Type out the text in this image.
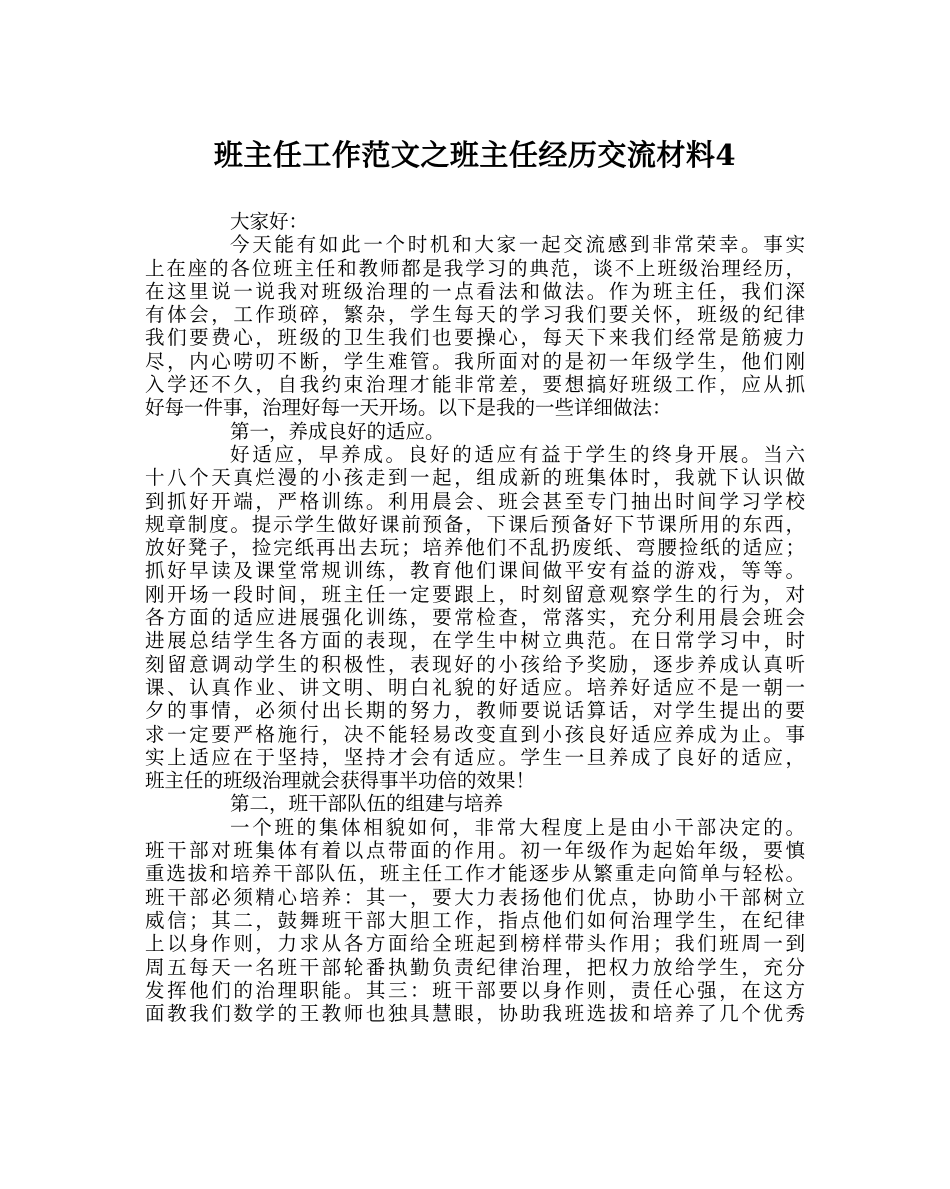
班主任工作范文之班主任经历交流材料4
大家好：
今天能有如此一个时机和大家一起交流感到非常荣幸。事实
上在座的各位班主任和教师都是我学习的典范，谈不上班级治理经历，
在这里说一说我对班级治理的一点看法和做法。作为班主任，我们深
有体会，工作琐碎，繁杂，学生每天的学习我们要关怀，班级的纪律
我们要费心，班级的卫生我们也要操心，每天下来我们经常是筋疲力
尽，内心唠叨不断，学生难管。我所面对的是初一年级学生，他们刚
入学还不久，自我约束治理才能非常差，要想搞好班级工作，应从抓
好每一件事，治理好每一天开场。以下是我的一些详细做法：
第一，养成良好的适应。
好适应，早养成。良好的适应有益于学生的终身开展。当六
十八个天真烂漫的小孩走到一起，组成新的班集体时，我就下认识做
到抓好开端，严格训练。利用晨会、班会甚至专门抽出时间学习学校
规章制度。提示学生做好课前预备，下课后预备好下节课所用的东西，
放好凳子，捡完纸再出去玩；培养他们不乱扔废纸、弯腰捡纸的适应；
抓好早读及课堂常规训练，教育他们课间做平安有益的游戏，等等。
刚开场一段时间，班主任一定要跟上，时刻留意观察学生的行为，对
各方面的适应进展强化训练，要常检查，常落实，充分利用晨会班会
进展总结学生各方面的表现，在学生中树立典范。在日常学习中，时
刻留意调动学生的积极性，表现好的小孩给予奖励，逐步养成认真听
课、认真作业、讲文明、明白礼貌的好适应。培养好适应不是一朝一
夕的事情，必须付出长期的努力，教师要说话算话，对学生提出的要
求一定要严格施行，决不能轻易改变直到小孩良好适应养成为止。事
实上适应在于坚持，坚持才会有适应。学生一旦养成了良好的适应，
班主任的班级治理就会获得事半功倍的效果！
第二，班干部队伍的组建与培养
一个班的集体相貌如何，非常大程度上是由小干部决定的。
班干部对班集体有着以点带面的作用。初一年级作为起始年级，要慎
重选拔和培养干部队伍，班主任工作才能逐步从繁重走向简单与轻松。
班干部必须精心培养：其一，要大力表扬他们优点，协助小干部树立
威信；其二，鼓舞班干部大胆工作，指点他们如何治理学生，在纪律
上以身作则，力求从各方面给全班起到榜样带头作用；我们班周一到
周五每天一名班干部轮番执勤负责纪律治理，把权力放给学生，充分
发挥他们的治理职能。其三：班干部要以身作则，责任心强，在这方
面教我们数学的王教师也独具慧眼，协助我班选拔和培养了几个优秀
